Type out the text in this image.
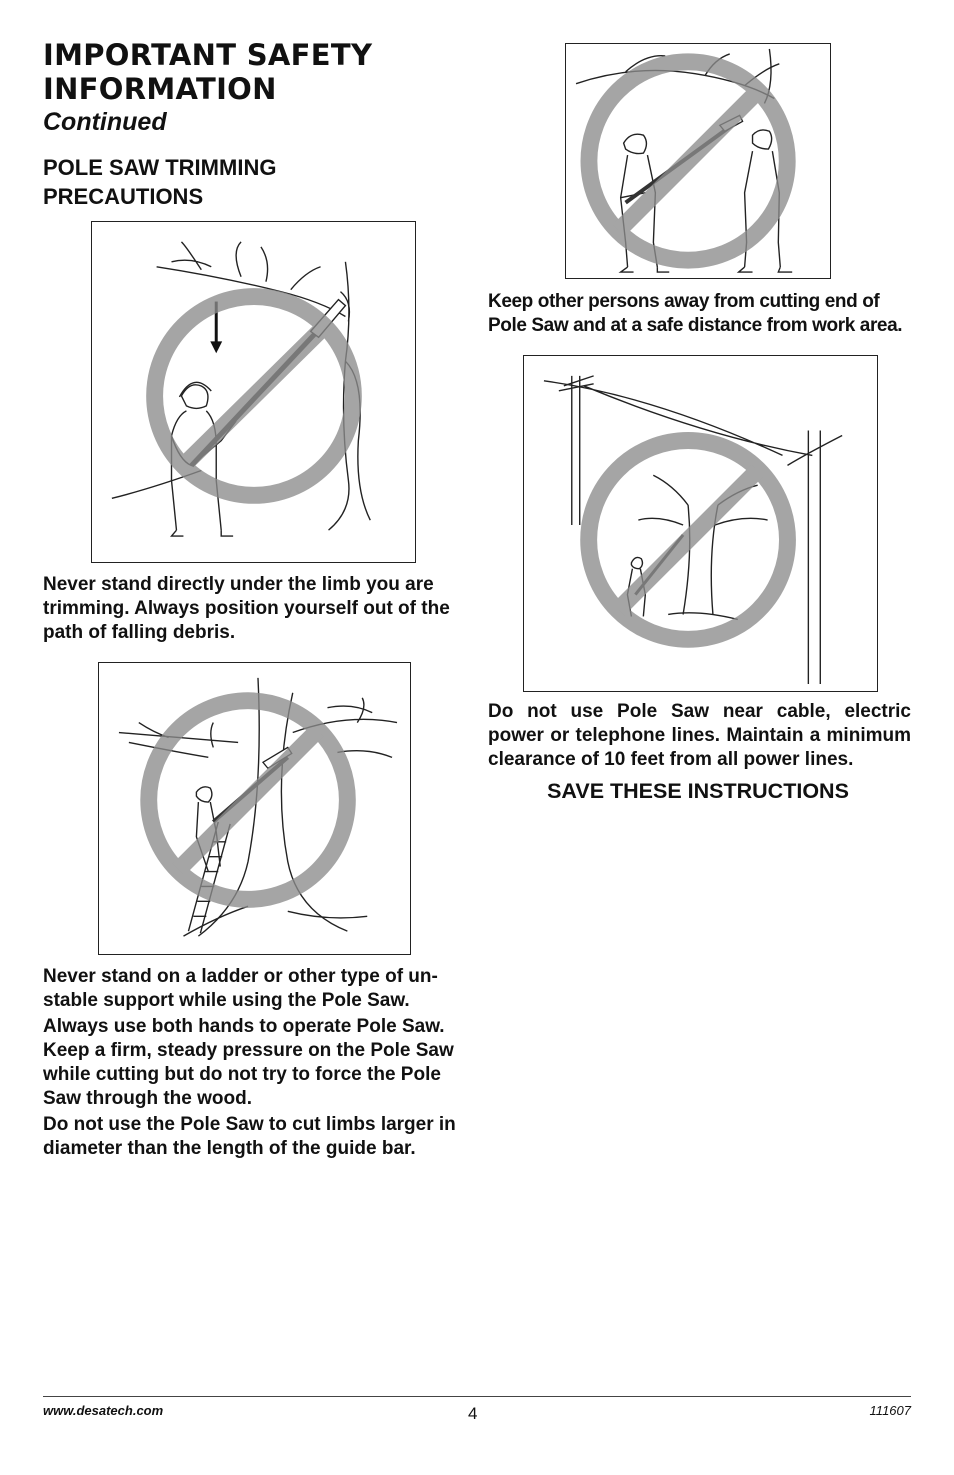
IMPORTANT SAFETY INFORMATION
Continued
POLE SAW TRIMMING PRECAUTIONS
Never stand directly under the limb you are trimming. Always position yourself out of the path of falling debris.
Never stand on a ladder or other type of un-stable support while using the Pole Saw.
Always use both hands to operate Pole Saw. Keep a firm, steady pressure on the Pole Saw while cutting but do not try to force the Pole Saw through the wood.
Do not use the Pole Saw to cut limbs larger in diameter than the length of the guide bar.
Keep other persons away from cutting end of Pole Saw and at a safe distance from work area.
Do not use Pole Saw near cable, electric power or telephone lines. Maintain a minimum clearance of 10 feet from all power lines.
SAVE THESE INSTRUCTIONS
www.desatech.com	4	111607
